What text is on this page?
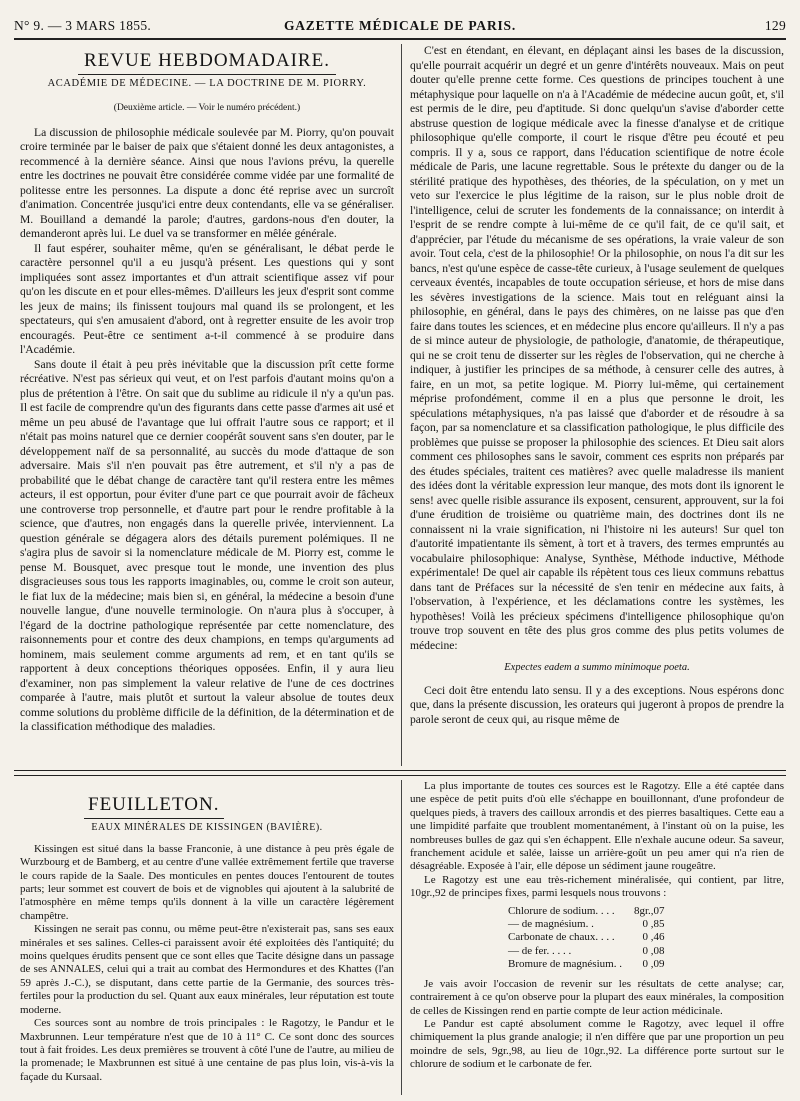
N° 9. — 3 MARS 1855.	GAZETTE MÉDICALE DE PARIS.	129
REVUE HEBDOMADAIRE.
ACADÉMIE DE MÉDECINE. — LA DOCTRINE DE M. PIORRY.
(Deuxième article. — Voir le numéro précédent.)

La discussion de philosophie médicale soulevée par M. Piorry, qu'on pouvait croire terminée par le baiser de paix que s'étaient donné les deux antagonistes, a recommencé à la dernière séance. Ainsi que nous l'avions prévu, la querelle entre les doctrines ne pouvait être considérée comme vidée par une formalité de politesse entre les personnes. La dispute a donc été reprise avec un surcroît d'animation. Concentrée jusqu'ici entre deux contendants, elle va se généraliser. M. Bouilland a demandé la parole; d'autres, gardons-nous d'en douter, la demanderont après lui. Le duel va se transformer en mêlée générale.

Il faut espérer, souhaiter même, qu'en se généralisant, le débat perde le caractère personnel qu'il a eu jusqu'à présent. Les questions qui y sont impliquées sont assez importantes et d'un attrait scientifique assez vif pour qu'on les discute en et pour elles-mêmes. D'ailleurs les jeux d'esprit sont comme les jeux de mains; ils finissent toujours mal quand ils se prolongent, et les spectateurs, qui s'en amusaient d'abord, ont à regretter ensuite de les avoir trop encouragés. Peut-être ce sentiment a-t-il commencé à se produire dans l'Académie.

Sans doute il était à peu près inévitable que la discussion prît cette forme récréative. N'est pas sérieux qui veut, et on l'est parfois d'autant moins qu'on a plus de prétention à l'être. On sait que du sublime au ridicule il n'y a qu'un pas. Il est facile de comprendre qu'un des figurants dans cette passe d'armes ait usé et même un peu abusé de l'avantage que lui offrait l'autre sous ce rapport; et il n'était pas moins naturel que ce dernier coopérât souvent sans s'en douter, par le développement naïf de sa personnalité, au succès du mode d'attaque de son adversaire. Mais s'il n'en pouvait pas être autrement, et s'il n'y a pas de probabilité que le débat change de caractère tant qu'il restera entre les mêmes acteurs, il est opportun, pour éviter d'une part ce que pourrait avoir de fâcheux une controverse trop personnelle, et d'autre part pour le rendre profitable à la science, que d'autres, non engagés dans la querelle privée, interviennent. La question générale se dégagera alors des détails purement polémiques. Il ne s'agira plus de savoir si la nomenclature médicale de M. Piorry est, comme le pense M. Bousquet, avec presque tout le monde, une invention des plus disgracieuses sous tous les rapports imaginables, ou, comme le croit son auteur, le fiat lux de la médecine; mais bien si, en général, la médecine a besoin d'une nouvelle langue, d'une nouvelle terminologie. On n'aura plus à s'occuper, à l'égard de la doctrine pathologique représentée par cette nomenclature, des raisonnements pour et contre des deux champions, en temps qu'arguments ad hominem, mais seulement comme arguments ad rem, et en tant qu'ils se rapportent à deux conceptions théoriques opposées. Enfin, il y aura lieu d'examiner, non pas simplement la valeur relative de l'une de ces doctrines comparée à l'autre, mais plutôt et surtout la valeur absolue de toutes deux comme solutions du problème difficile de la définition, de la détermination et de la classification méthodique des maladies.

C'est en étendant, en élevant, en déplaçant ainsi les bases de la discussion, qu'elle pourrait acquérir un degré et un genre d'intérêts nouveaux. Mais on peut douter qu'elle prenne cette forme. Ces questions de principes touchent à une métaphysique pour laquelle on n'a à l'Académie de médecine aucun goût, et, s'il est permis de le dire, peu d'aptitude. Si donc quelqu'un s'avise d'aborder cette abstruse question de logique médicale avec la finesse d'analyse et de critique philosophique qu'elle comporte, il court le risque d'être peu écouté et peu compris. Il y a, sous ce rapport, dans l'éducation scientifique de notre école médicale de Paris, une lacune regrettable. Sous le prétexte du danger ou de la stérilité pratique des hypothèses, des théories, de la spéculation, on y met un veto sur l'exercice le plus légitime de la raison, sur le plus noble droit de l'intelligence, celui de scruter les fondements de la connaissance; on interdit à l'esprit de se rendre compte à lui-même de ce qu'il fait, de ce qu'il sait, et d'apprécier, par l'étude du mécanisme de ses opérations, la vraie valeur de son avoir. Tout cela, c'est de la philosophie! Or la philosophie, on nous l'a dit sur les bancs, n'est qu'une espèce de casse-tête curieux, à l'usage seulement de quelques cerveaux éventés, incapables de toute occupation sérieuse, et hors de mise dans les sévères investigations de la science. Mais tout en reléguant ainsi la philosophie, en général, dans le pays des chimères, on ne laisse pas que d'en faire dans toutes les sciences, et en médecine plus encore qu'ailleurs. Il n'y a pas de si mince auteur de physiologie, de pathologie, d'anatomie, de thérapeutique, qui ne se croit tenu de disserter sur les règles de l'observation, qui ne cherche à indiquer, à justifier les principes de sa méthode, à censurer celle des autres, à faire, en un mot, sa petite logique. M. Piorry lui-même, qui certainement méprise profondément, comme il en a plus que personne le droit, les spéculations métaphysiques, n'a pas laissé que d'aborder et de résoudre à sa façon, par sa nomenclature et sa classification pathologique, le plus difficile des problèmes que puisse se proposer la philosophie des sciences. Et Dieu sait alors comment ces philosophes sans le savoir, comment ces esprits non préparés par des études spéciales, traitent ces matières? avec quelle maladresse ils manient des idées dont la véritable expression leur manque, des mots dont ils ignorent le sens! avec quelle risible assurance ils exposent, censurent, approuvent, sur la foi d'une érudition de troisième ou quatrième main, des doctrines dont ils ne connaissent ni la vraie signification, ni l'histoire ni les auteurs! Sur quel ton d'autorité impatientante ils sèment, à tort et à travers, des termes empruntés au vocabulaire philosophique: Analyse, Synthèse, Méthode inductive, Méthode expérimentale! De quel air capable ils répètent tous ces lieux communs rebattus dans tant de Préfaces sur la nécessité de s'en tenir en médecine aux faits, à l'observation, à l'expérience, et les déclamations contre les systèmes, les hypothèses! Voilà les précieux spécimens d'intelligence philosophique qu'on trouve trop souvent en tête des plus gros comme des plus petits volumes de médecine:

Expectes eadem a summo minimoque poeta.

Ceci doit être entendu lato sensu. Il y a des exceptions. Nous espérons donc que, dans la présente discussion, les orateurs qui jugeront à propos de prendre la parole seront de ceux qui, au risque même de

FEUILLETON.
EAUX MINÉRALES DE KISSINGEN (BAVIÈRE).

Kissingen est situé dans la basse Franconie, à une distance à peu près égale de Wurzbourg et de Bamberg, et au centre d'une vallée extrêmement fertile que traverse le cours rapide de la Saale. Des monticules en pentes douces l'entourent de toutes parts; leur sommet est couvert de bois et de vignobles qui ajoutent à la salubrité de l'atmosphère en même temps qu'ils donnent à la ville un caractère légèrement champêtre.

Kissingen ne serait pas connu, ou même peut-être n'existerait pas, sans ses eaux minérales et ses salines. Celles-ci paraissent avoir été exploitées dès l'antiquité; du moins quelques érudits pensent que ce sont elles que Tacite désigne dans un passage de ses ANNALES, celui qui a trait au combat des Hermondures et des Khattes (l'an 59 après J.-C.), se disputant, dans cette partie de la Germanie, des sources très-fertiles pour la production du sel. Quant aux eaux minérales, leur réputation est toute moderne.

Ces sources sont au nombre de trois principales : le Ragotzy, le Pandur et le Maxbrunnen. Leur température n'est que de 10 à 11° C. Ce sont donc des sources tout à fait froides. Les deux premières se trouvent à côté l'une de l'autre, au milieu de la promenade; le Maxbrunnen est situé à une centaine de pas plus loin, vis-à-vis la façade du Kursaal.

La plus importante de toutes ces sources est le Ragotzy. Elle a été captée dans une espèce de petit puits d'où elle s'échappe en bouillonnant, d'une profondeur de quelques pieds, à travers des cailloux arrondis et des pierres basaltiques. Cette eau a une limpidité parfaite que troublent momentanément, à l'instant où on la puise, les nombreuses bulles de gaz qui s'en échappent. Elle n'exhale aucune odeur. Sa saveur, franchement acidule et salée, laisse un arrière-goût un peu amer qui n'a rien de désagréable. Exposée à l'air, elle dépose un sédiment jaune rougeâtre.

Le Ragotzy est une eau très-richement minéralisée, qui contient, par litre, 10gr.,92 de principes fixes, parmi lesquels nous trouvons :

Chlorure de sodium. . . .	8gr.,07
— de magnésium. .	0 ,85
Carbonate de chaux. . . .	0 ,46
— de fer. . . . .	0 ,08
Bromure de magnésium. .	0 ,09

Je vais avoir l'occasion de revenir sur les résultats de cette analyse; car, contrairement à ce qu'on observe pour la plupart des eaux minérales, la composition de celles de Kissingen rend en partie compte de leur action médicinale.

Le Pandur est capté absolument comme le Ragotzy, avec lequel il offre chimiquement la plus grande analogie; il n'en diffère que par une proportion un peu moindre de sels, 9gr.,98, au lieu de 10gr.,92. La différence porte surtout sur le chlorure de sodium et le carbonate de fer.
